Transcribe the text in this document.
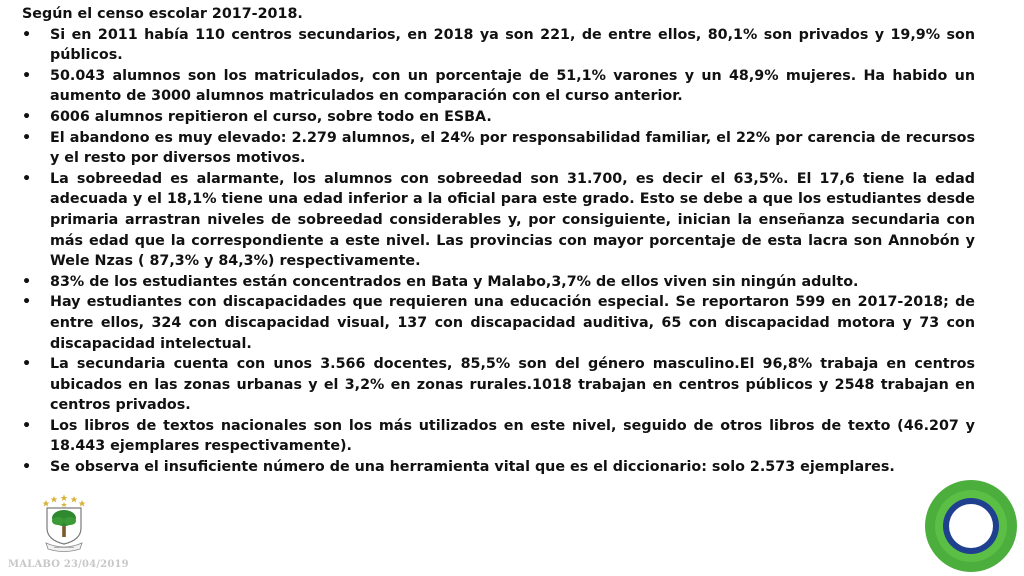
Según el censo escolar 2017-2018.

• Si en 2011 había 110 centros secundarios, en 2018 ya son 221, de entre ellos, 80,1% son privados y 19,9% son públicos.
• 50.043 alumnos son los matriculados, con un porcentaje de 51,1% varones y un 48,9% mujeres. Ha habido un aumento de 3000 alumnos matriculados en comparación con el curso anterior.
• 6006 alumnos repitieron el curso, sobre todo en ESBA.
• El abandono es muy elevado: 2.279 alumnos, el 24% por responsabilidad familiar, el 22% por carencia de recursos y el resto por diversos motivos.
• La sobreedad es alarmante, los alumnos con sobreedad son 31.700, es decir el 63,5%. El 17,6 tiene la edad adecuada y el 18,1% tiene una edad inferior a la oficial para este grado. Esto se debe a que los estudiantes desde primaria arrastran niveles de sobreedad considerables y, por consiguiente, inician la enseñanza secundaria con más edad que la correspondiente a este nivel. Las provincias con mayor porcentaje de esta lacra son Annobón y Wele Nzas ( 87,3% y 84,3%) respectivamente.
• 83% de los estudiantes están concentrados en Bata y Malabo,3,7% de ellos viven sin ningún adulto.
• Hay estudiantes con discapacidades que requieren una educación especial. Se reportaron 599 en 2017-2018; de entre ellos, 324 con discapacidad visual, 137 con discapacidad auditiva, 65 con discapacidad motora y 73 con discapacidad intelectual.
• La secundaria cuenta con unos 3.566 docentes, 85,5% son del género masculino.El 96,8% trabaja en centros ubicados en las zonas urbanas y el 3,2% en zonas rurales.1018 trabajan en centros públicos y 2548 trabajan en centros privados.
• Los libros de textos nacionales son los más utilizados en este nivel, seguido de otros libros de texto (46.207 y 18.443 ejemplares respectivamente).
• Se observa el insuficiente número de una herramienta vital que es el diccionario: solo 2.573 ejemplares.
MALABO 23/04/2019
